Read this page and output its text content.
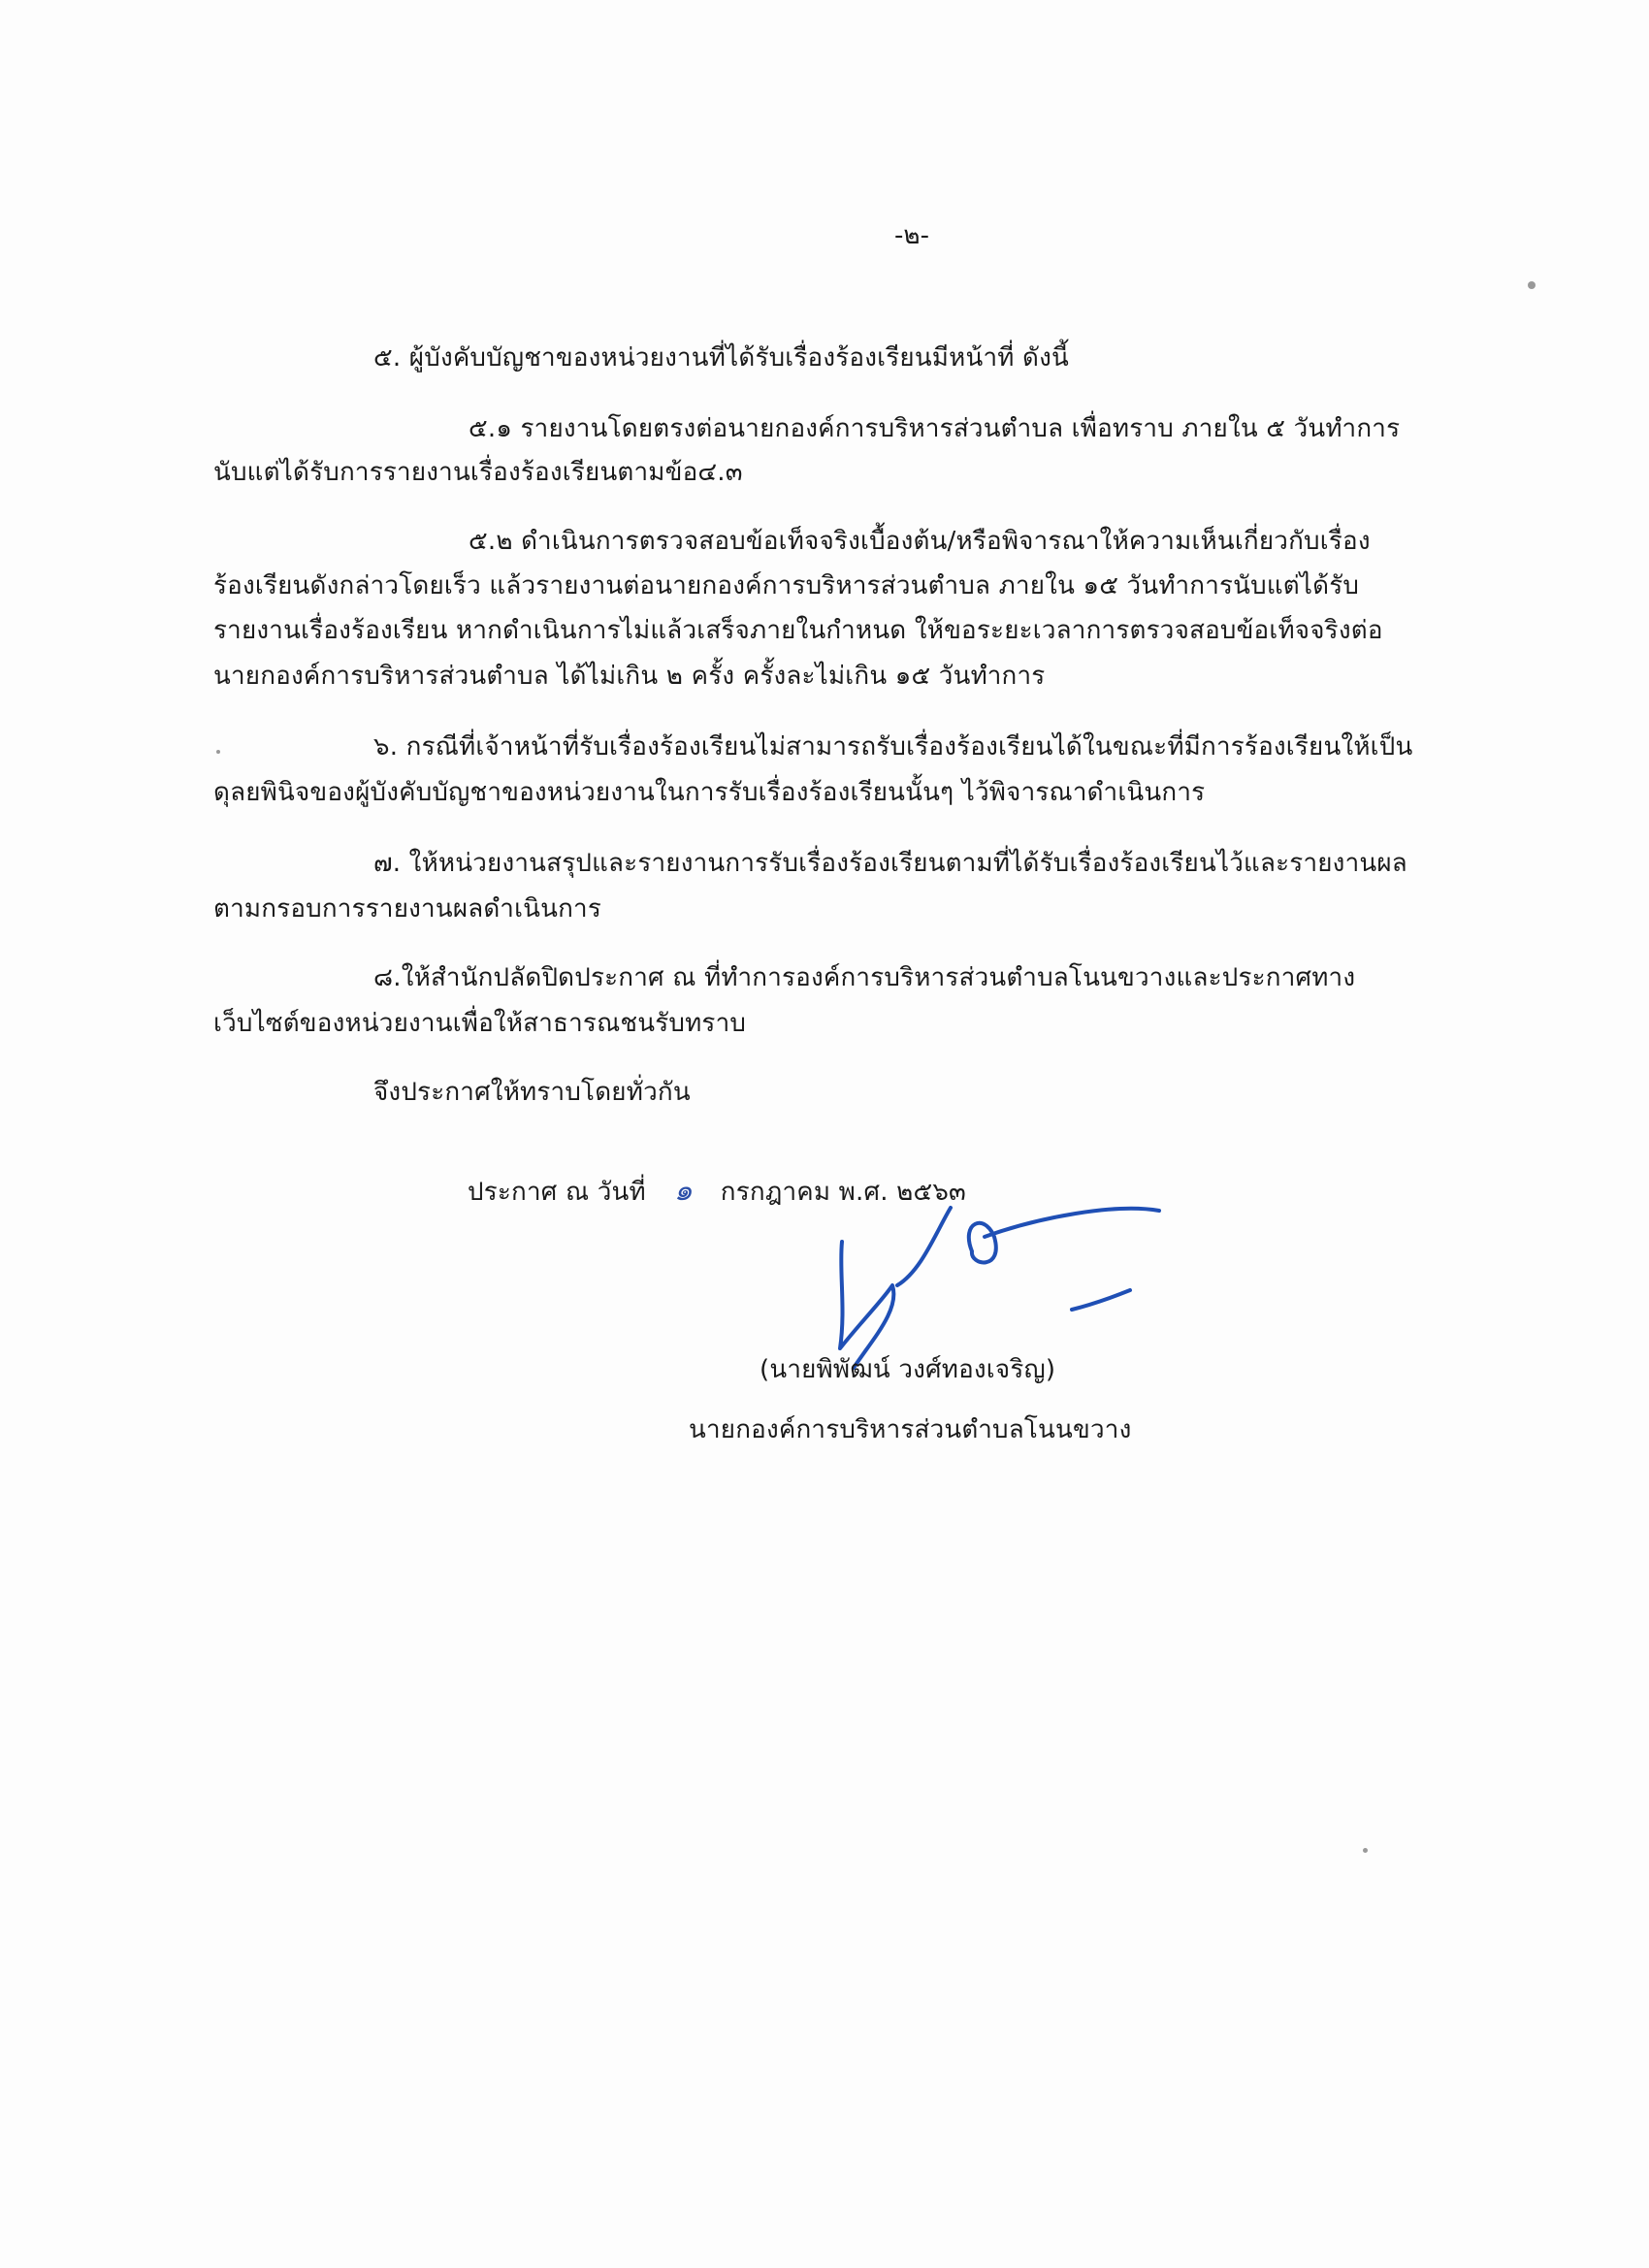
-๒-
๕. ผู้บังคับบัญชาของหน่วยงานที่ได้รับเรื่องร้องเรียนมีหน้าที่ ดังนี้
๕.๑ รายงานโดยตรงต่อนายกองค์การบริหารส่วนตำบล เพื่อทราบ ภายใน ๕ วันทำการ
นับแต่ได้รับการรายงานเรื่องร้องเรียนตามข้อ๔.๓
๕.๒ ดำเนินการตรวจสอบข้อเท็จจริงเบื้องต้น/หรือพิจารณาให้ความเห็นเกี่ยวกับเรื่อง
ร้องเรียนดังกล่าวโดยเร็ว แล้วรายงานต่อนายกองค์การบริหารส่วนตำบล ภายใน ๑๕ วันทำการนับแต่ได้รับ
รายงานเรื่องร้องเรียน หากดำเนินการไม่แล้วเสร็จภายในกำหนด ให้ขอระยะเวลาการตรวจสอบข้อเท็จจริงต่อ
นายกองค์การบริหารส่วนตำบล ได้ไม่เกิน ๒ ครั้ง ครั้งละไม่เกิน ๑๕ วันทำการ
๖. กรณีที่เจ้าหน้าที่รับเรื่องร้องเรียนไม่สามารถรับเรื่องร้องเรียนได้ในขณะที่มีการร้องเรียนให้เป็น
ดุลยพินิจของผู้บังคับบัญชาของหน่วยงานในการรับเรื่องร้องเรียนนั้นๆ ไว้พิจารณาดำเนินการ
๗. ให้หน่วยงานสรุปและรายงานการรับเรื่องร้องเรียนตามที่ได้รับเรื่องร้องเรียนไว้และรายงานผล
ตามกรอบการรายงานผลดำเนินการ
๘.ให้สำนักปลัดปิดประกาศ ณ ที่ทำการองค์การบริหารส่วนตำบลโนนขวางและประกาศทาง
เว็บไซต์ของหน่วยงานเพื่อให้สาธารณชนรับทราบ
จึงประกาศให้ทราบโดยทั่วกัน
ประกาศ ณ วันที่ ๑ กรกฎาคม พ.ศ. ๒๕๖๓
(นายพิพัฒน์ วงศ์ทองเจริญ)
นายกองค์การบริหารส่วนตำบลโนนขวาง
